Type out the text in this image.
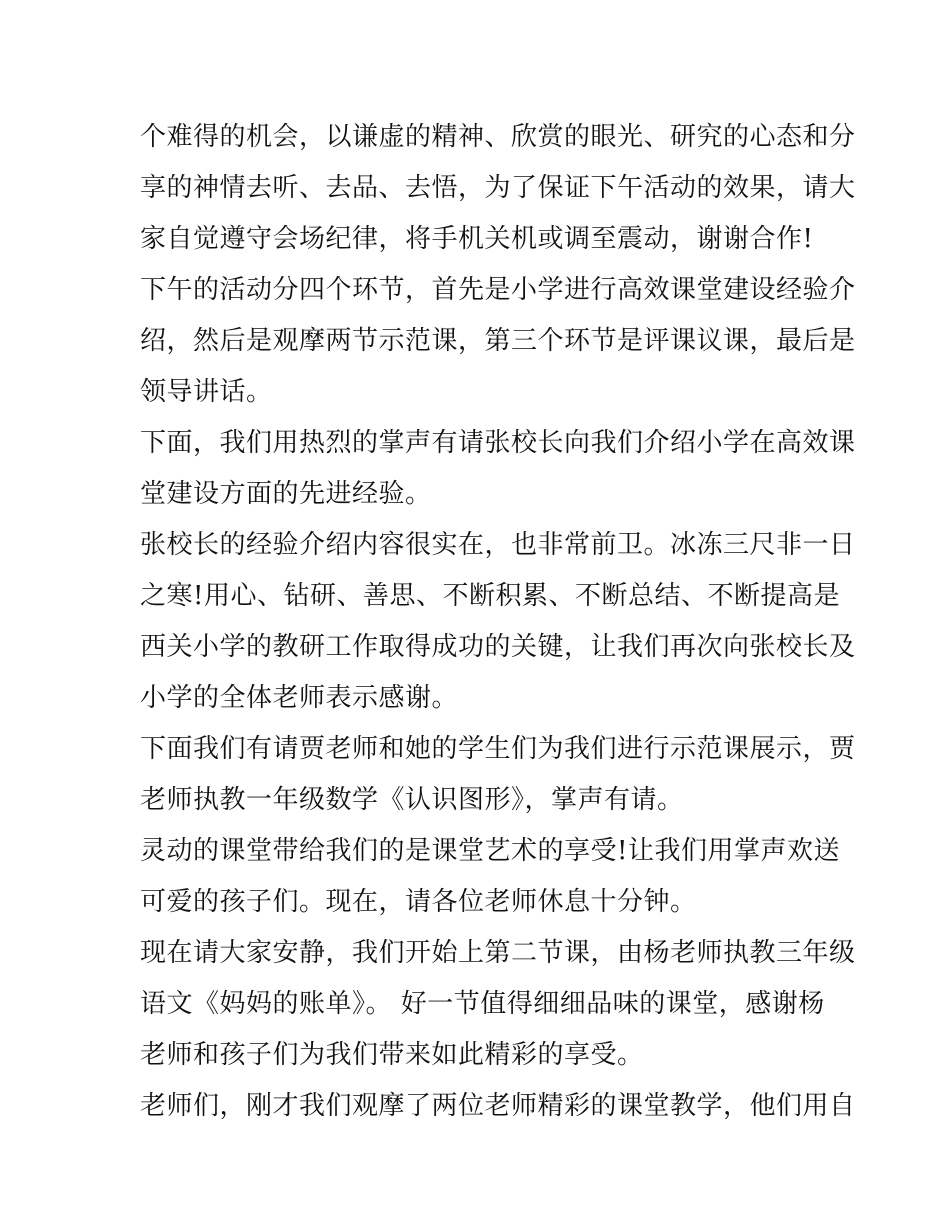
个难得的机会，以谦虚的精神、欣赏的眼光、研究的心态和分
享的神情去听、去品、去悟，为了保证下午活动的效果，请大
家自觉遵守会场纪律，将手机关机或调至震动，谢谢合作!
下午的活动分四个环节，首先是小学进行高效课堂建设经验介
绍，然后是观摩两节示范课，第三个环节是评课议课，最后是
领导讲话。
下面，我们用热烈的掌声有请张校长向我们介绍小学在高效课
堂建设方面的先进经验。
张校长的经验介绍内容很实在，也非常前卫。冰冻三尺非一日
之寒!用心、钻研、善思、不断积累、不断总结、不断提高是
西关小学的教研工作取得成功的关键，让我们再次向张校长及
小学的全体老师表示感谢。
下面我们有请贾老师和她的学生们为我们进行示范课展示，贾
老师执教一年级数学《认识图形》，掌声有请。
灵动的课堂带给我们的是课堂艺术的享受!让我们用掌声欢送
可爱的孩子们。现在，请各位老师休息十分钟。
现在请大家安静，我们开始上第二节课，由杨老师执教三年级
语文《妈妈的账单》。 好一节值得细细品味的课堂，感谢杨
老师和孩子们为我们带来如此精彩的享受。
老师们，刚才我们观摩了两位老师精彩的课堂教学，他们用自
